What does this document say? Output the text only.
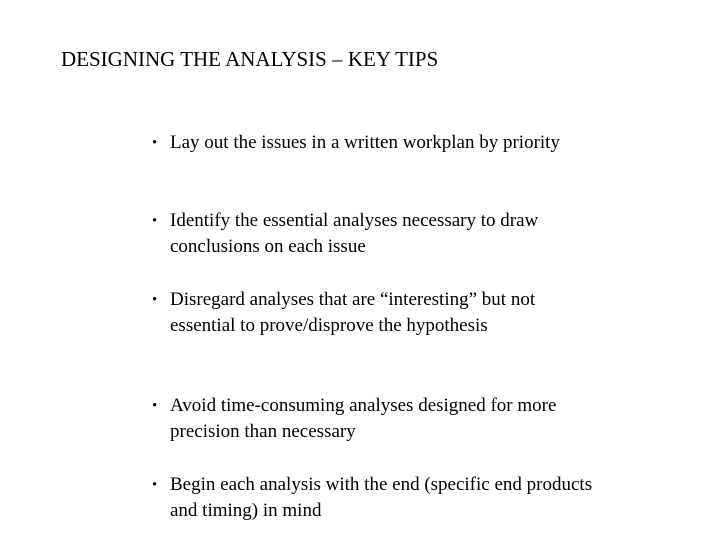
DESIGNING THE ANALYSIS – KEY TIPS
• Lay out the issues in a written workplan by priority
• Identify the essential analyses necessary to draw conclusions on each issue
• Disregard analyses that are “interesting” but not essential to prove/disprove the hypothesis
• Avoid time-consuming analyses designed for more precision than necessary
• Begin each analysis with the end (specific end products and timing) in mind
